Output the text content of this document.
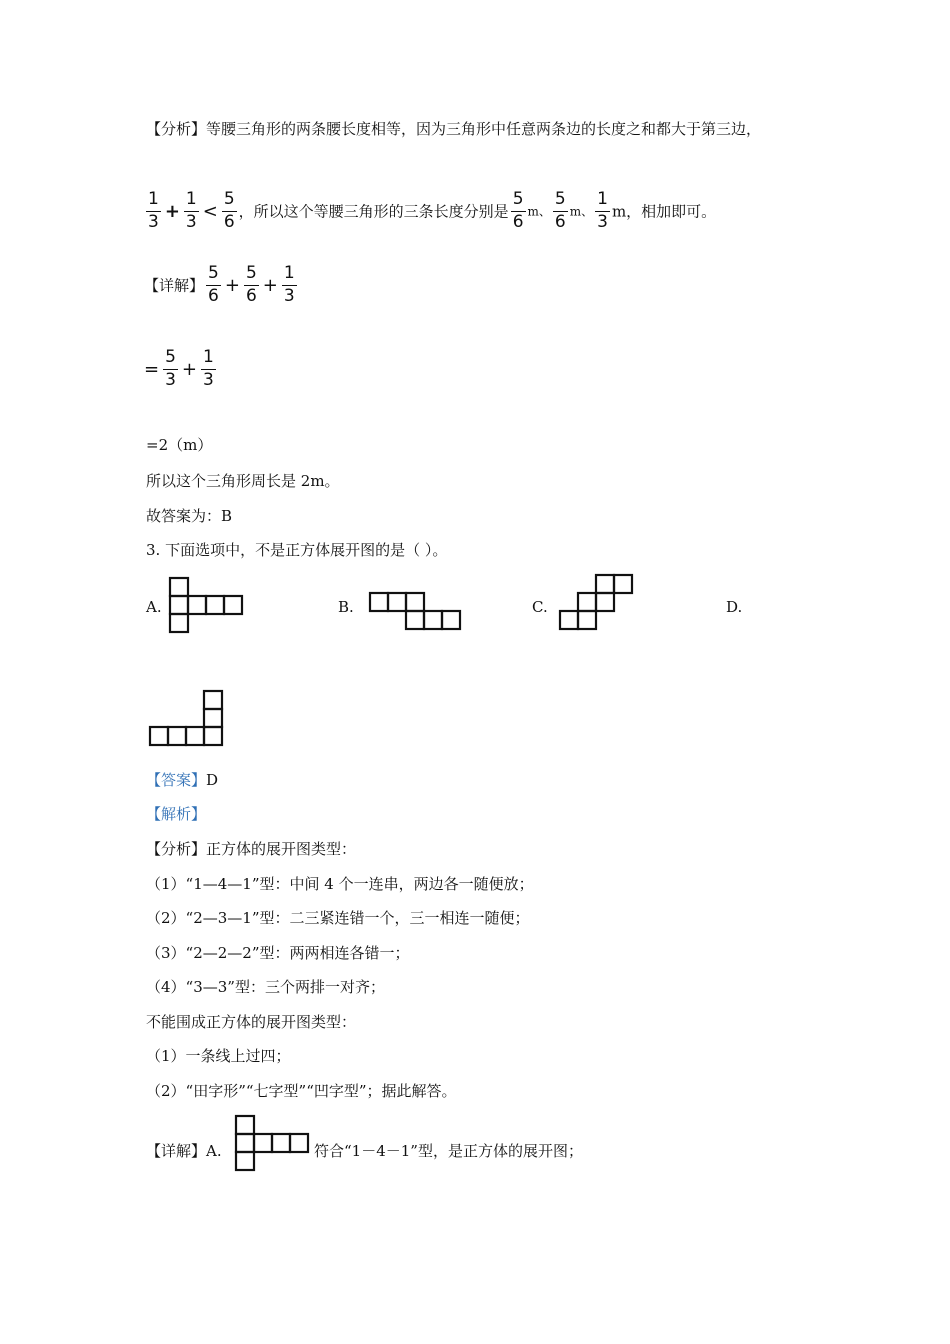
【分析】等腰三角形的两条腰长度相等，因为三角形中任意两条边的长度之和都大于第三边，
$\frac{1}{3} + \frac{1}{3} < \frac{5}{6}$ ，所以这个等腰三角形的三条长度分别是 $\frac{5}{6}$ m、 $\frac{5}{6}$ m、 $\frac{1}{3}$ m，相加即可。
【详解】 $\frac{5}{6} + \frac{5}{6} + \frac{1}{3}$
= $\frac{5}{3} + \frac{1}{3}$
=2（m）
所以这个三角形周长是 2m。
故答案为：B
3. 下面选项中，不是正方体展开图的是（ ）。
A.	B.	C.	D.
【答案】D
【解析】
【分析】正方体的展开图类型：
（1）“1—4—1”型：中间 4 个一连串，两边各一随便放；
（2）“2—3—1”型：二三紧连错一个，三一相连一随便；
（3）“2—2—2”型：两两相连各错一；
（4）“3—3”型：三个两排一对齐；
不能围成正方体的展开图类型：
（1）一条线上过四；
（2）“田字形”“七字型”“凹字型”；据此解答。
【详解】A.	符合“1－4－1”型，是正方体的展开图；
